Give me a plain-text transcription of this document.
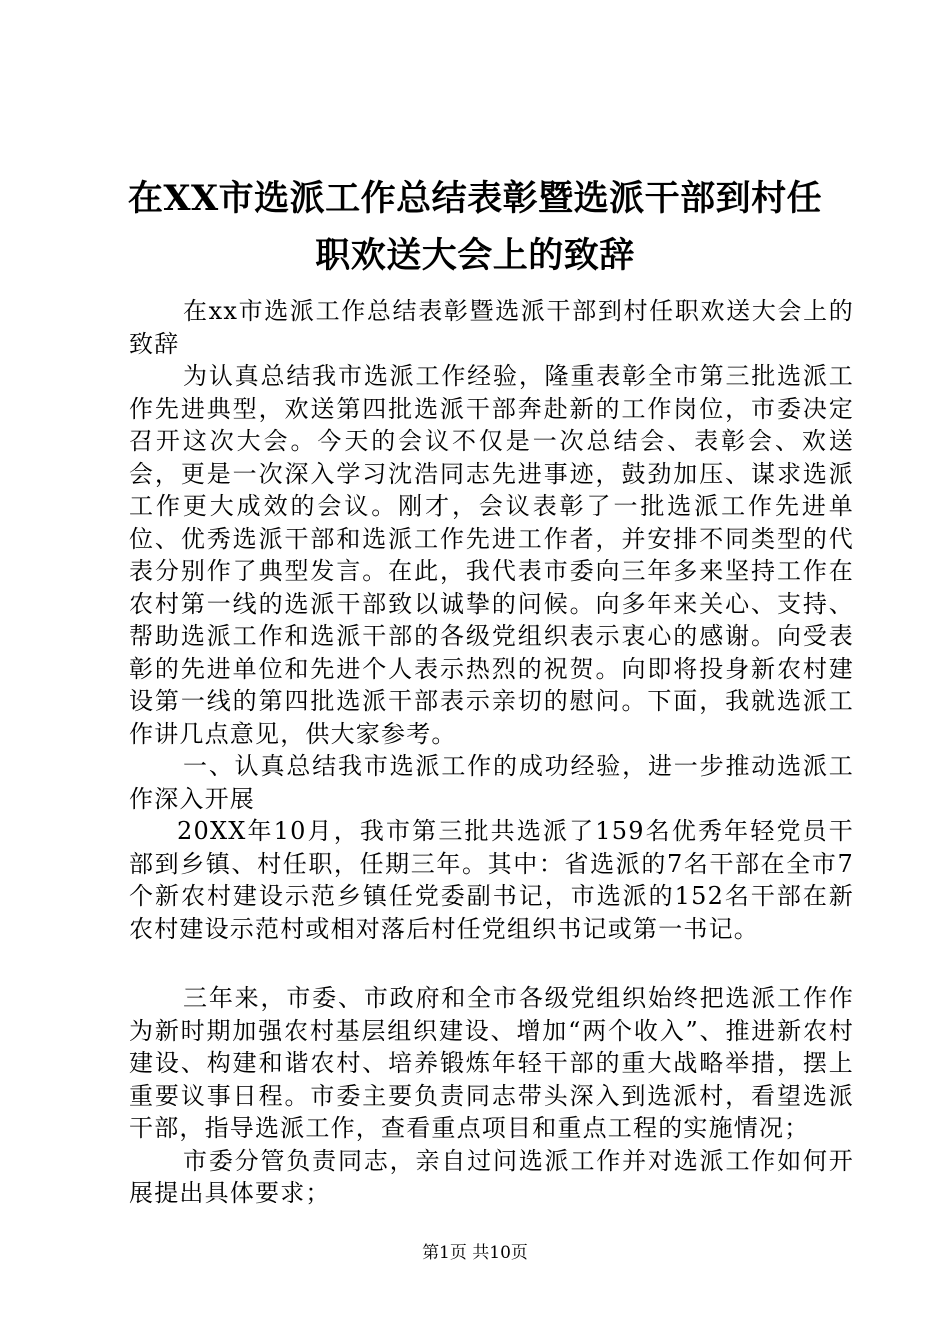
在XX市选派工作总结表彰暨选派干部到村任
职欢送大会上的致辞

在xx市选派工作总结表彰暨选派干部到村任职欢送大会上的致辞

为认真总结我市选派工作经验，隆重表彰全市第三批选派工作先进典型，欢送第四批选派干部奔赴新的工作岗位，市委决定召开这次大会。今天的会议不仅是一次总结会、表彰会、欢送会，更是一次深入学习沈浩同志先进事迹，鼓劲加压、谋求选派工作更大成效的会议。刚才，会议表彰了一批选派工作先进单位、优秀选派干部和选派工作先进工作者，并安排不同类型的代表分别作了典型发言。在此，我代表市委向三年多来坚持工作在农村第一线的选派干部致以诚挚的问候。向多年来关心、支持、帮助选派工作和选派干部的各级党组织表示衷心的感谢。向受表彰的先进单位和先进个人表示热烈的祝贺。向即将投身新农村建设第一线的第四批选派干部表示亲切的慰问。下面，我就选派工作讲几点意见，供大家参考。

一、认真总结我市选派工作的成功经验，进一步推动选派工作深入开展

20XX年10月，我市第三批共选派了159名优秀年轻党员干部到乡镇、村任职，任期三年。其中：省选派的7名干部在全市7个新农村建设示范乡镇任党委副书记，市选派的152名干部在新农村建设示范村或相对落后村任党组织书记或第一书记。

三年来，市委、市政府和全市各级党组织始终把选派工作作为新时期加强农村基层组织建设、增加“两个收入”、推进新农村建设、构建和谐农村、培养锻炼年轻干部的重大战略举措，摆上重要议事日程。市委主要负责同志带头深入到选派村，看望选派干部，指导选派工作，查看重点项目和重点工程的实施情况；

市委分管负责同志，亲自过问选派工作并对选派工作如何开展提出具体要求；

第1页 共10页
